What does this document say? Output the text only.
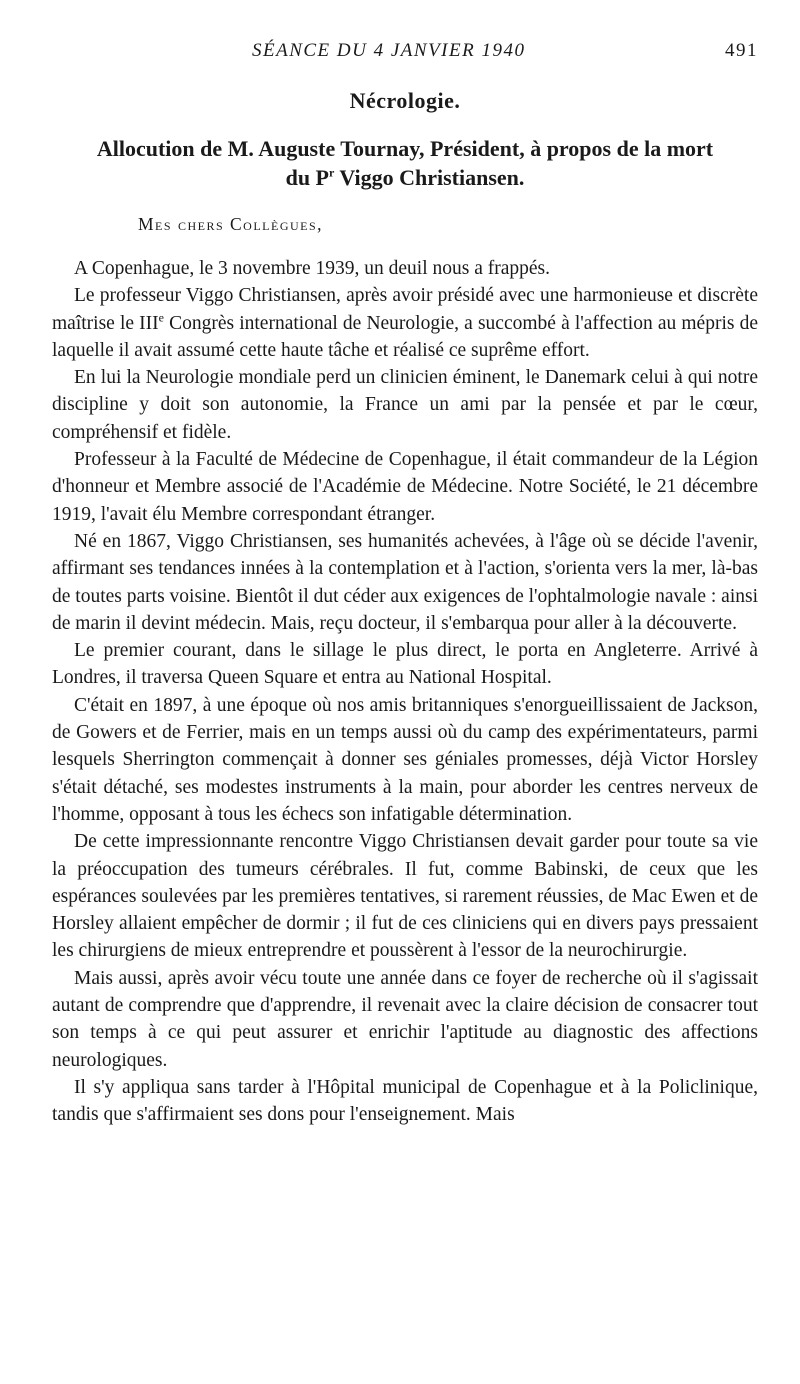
SÉANCE DU 4 JANVIER 1940	491
Nécrologie.
Allocution de M. Auguste Tournay, Président, à propos de la mort
du $P^r$ Viggo Christiansen.
Mes chers Collègues,

A Copenhague, le 3 novembre 1939, un deuil nous a frappés.

Le professeur Viggo Christiansen, après avoir présidé avec une harmonieuse et discrète maîtrise le IIIe Congrès international de Neurologie, a succombé à l'affection au mépris de laquelle il avait assumé cette haute tâche et réalisé ce suprême effort.

En lui la Neurologie mondiale perd un clinicien éminent, le Danemark celui à qui notre discipline y doit son autonomie, la France un ami par la pensée et par le cœur, compréhensif et fidèle.

Professeur à la Faculté de Médecine de Copenhague, il était commandeur de la Légion d'honneur et Membre associé de l'Académie de Médecine. Notre Société, le 21 décembre 1919, l'avait élu Membre correspondant étranger.

Né en 1867, Viggo Christiansen, ses humanités achevées, à l'âge où se décide l'avenir, affirmant ses tendances innées à la contemplation et à l'action, s'orienta vers la mer, là-bas de toutes parts voisine. Bientôt il dut céder aux exigences de l'ophtalmologie navale : ainsi de marin il devint médecin. Mais, reçu docteur, il s'embarqua pour aller à la découverte.

Le premier courant, dans le sillage le plus direct, le porta en Angleterre. Arrivé à Londres, il traversa Queen Square et entra au National Hospital.

C'était en 1897, à une époque où nos amis britanniques s'enorgueillissaient de Jackson, de Gowers et de Ferrier, mais en un temps aussi où du camp des expérimentateurs, parmi lesquels Sherrington commençait à donner ses géniales promesses, déjà Victor Horsley s'était détaché, ses modestes instruments à la main, pour aborder les centres nerveux de l'homme, opposant à tous les échecs son infatigable détermination.

De cette impressionnante rencontre Viggo Christiansen devait garder pour toute sa vie la préoccupation des tumeurs cérébrales. Il fut, comme Babinski, de ceux que les espérances soulevées par les premières tentatives, si rarement réussies, de Mac Ewen et de Horsley allaient empêcher de dormir ; il fut de ces cliniciens qui en divers pays pressaient les chirurgiens de mieux entreprendre et poussèrent à l'essor de la neurochirurgie.

Mais aussi, après avoir vécu toute une année dans ce foyer de recherche où il s'agissait autant de comprendre que d'apprendre, il revenait avec la claire décision de consacrer tout son temps à ce qui peut assurer et enrichir l'aptitude au diagnostic des affections neurologiques.

Il s'y appliqua sans tarder à l'Hôpital municipal de Copenhague et à la Policlinique, tandis que s'affirmaient ses dons pour l'enseignement. Mais
